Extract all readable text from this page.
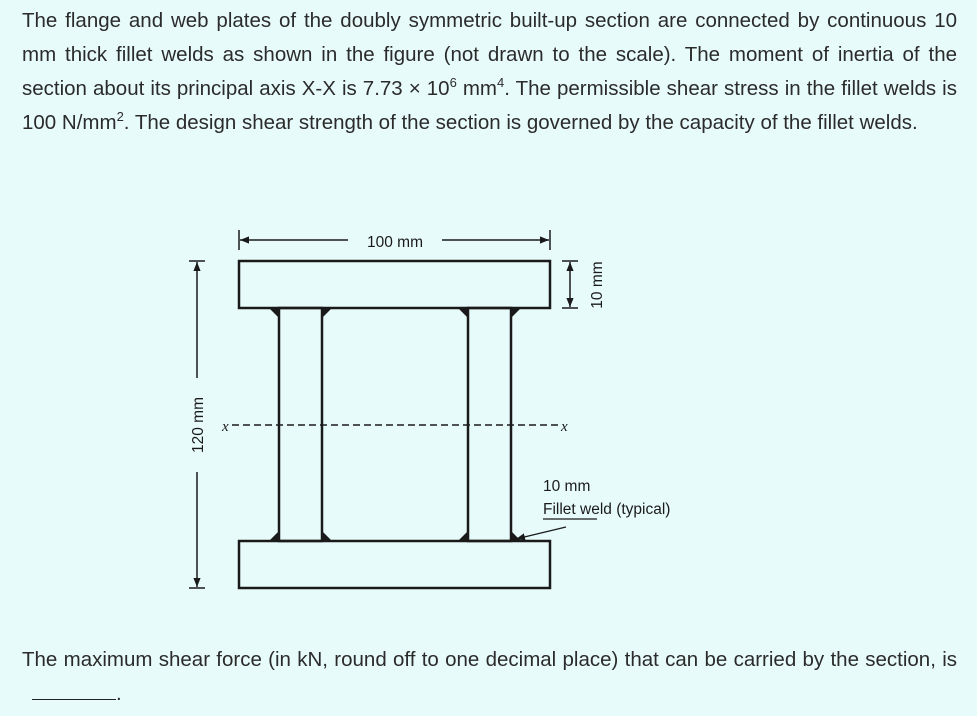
The flange and web plates of the doubly symmetric built-up section are connected by continuous 10 mm thick fillet welds as shown in the figure (not drawn to the scale). The moment of inertia of the section about its principal axis X-X is $7.73 \times 10^6$ $mm^4$. The permissible shear stress in the fillet welds is 100 $N/mm^2$. The design shear strength of the section is governed by the capacity of the fillet welds.

x	x
100 mm
10 mm
120 mm
10 mm
Fillet weld (typical)

The maximum shear force (in kN, round off to one decimal place) that can be carried by the section, is.
